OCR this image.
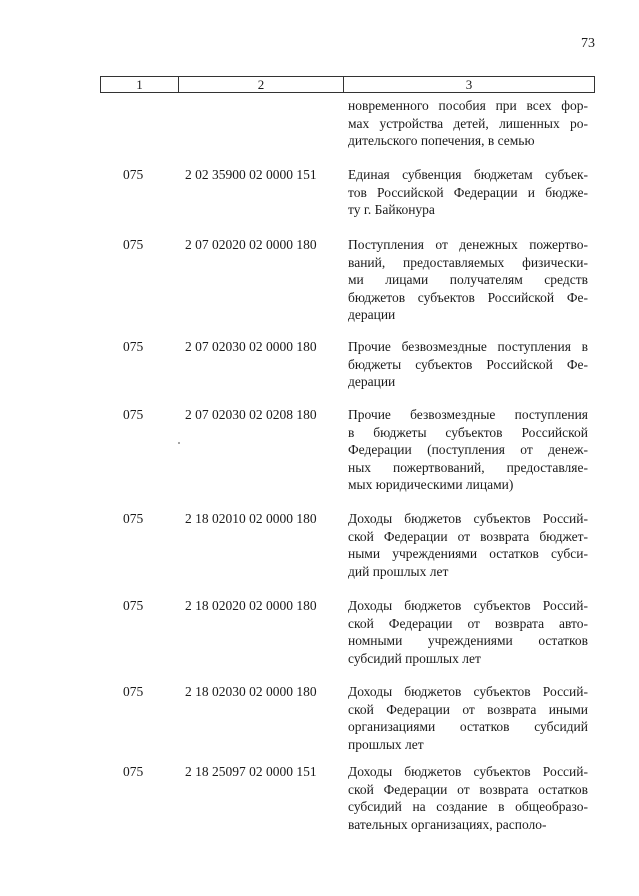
73
1	2	3
новременного пособия при всех фор-
мах устройства детей, лишенных ро-
дительского попечения, в семью
075	2 02 35900 02 0000 151 Единая субвенция бюджетам субъек-
тов Российской Федерации и бюдже-
ту г. Байконура
075	2 07 02020 02 0000 180 Поступления от денежных пожертво-
ваний, предоставляемых физически-
ми лицами получателям средств
бюджетов субъектов Российской Фе-
дерации
075	2 07 02030 02 0000 180 Прочие безвозмездные поступления в
бюджеты субъектов Российской Фе-
дерации
075	2 07 02030 02 0208 180 Прочие безвозмездные поступления
в бюджеты субъектов Российской
Федерации (поступления от денеж-
ных пожертвований, предоставляе-
мых юридическими лицами)
075	2 18 02010 02 0000 180 Доходы бюджетов субъектов Россий-
ской Федерации от возврата бюджет-
ными учреждениями остатков субси-
дий прошлых лет
075	2 18 02020 02 0000 180 Доходы бюджетов субъектов Россий-
ской Федерации от возврата авто-
номными учреждениями остатков
субсидий прошлых лет
075	2 18 02030 02 0000 180 Доходы бюджетов субъектов Россий-
ской Федерации от возврата иными
организациями остатков субсидий
прошлых лет
075	2 18 25097 02 0000 151 Доходы бюджетов субъектов Россий-
ской Федерации от возврата остатков
субсидий на создание в общеобразо-
вательных организациях, располо-
